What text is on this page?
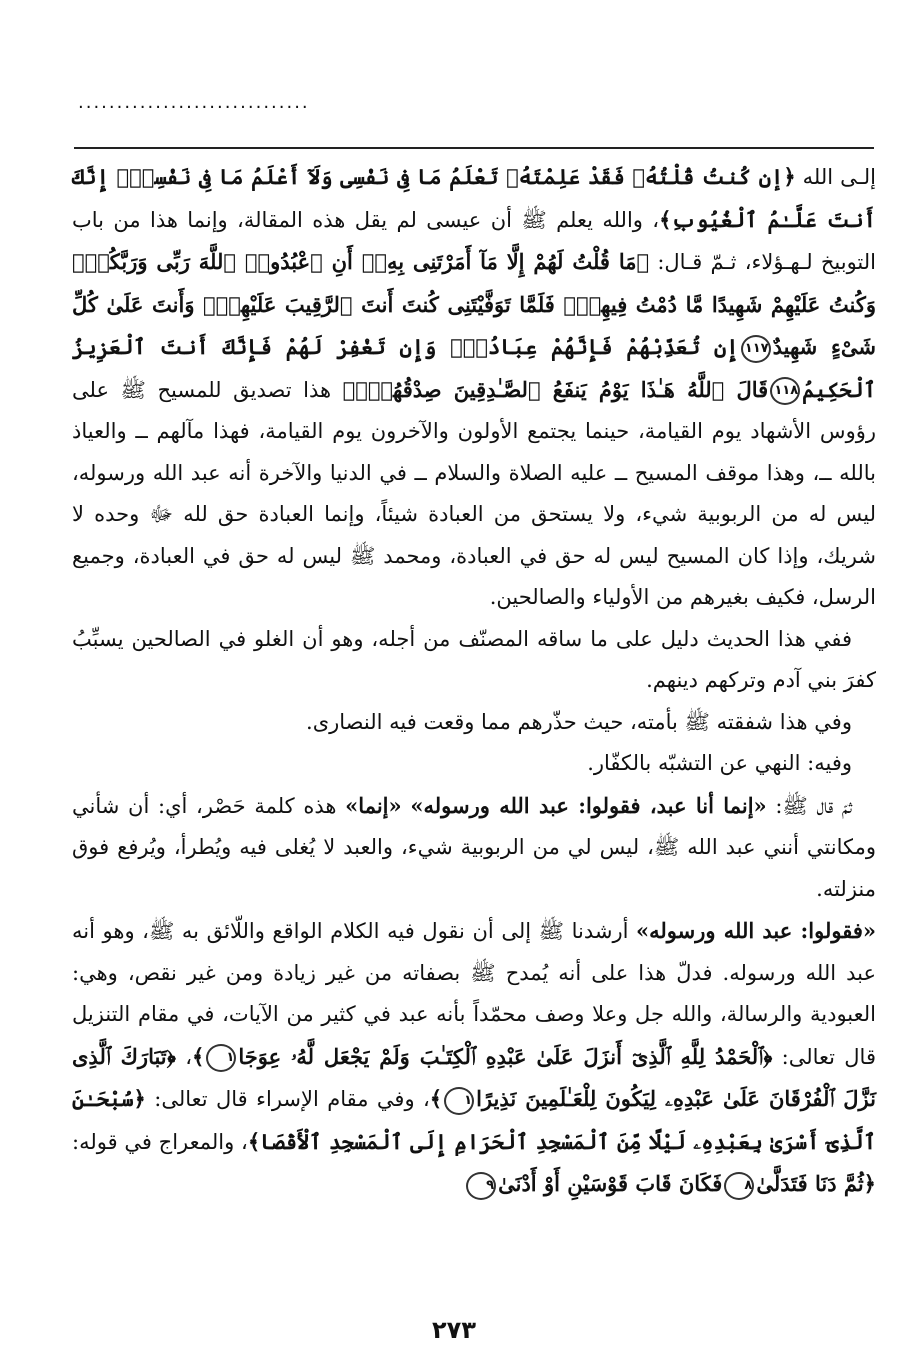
..............................

إلـى الله ﴿إن كُنتُ قُلْتُهُۥ فَقَدْ عَلِمْتَهُۥ تَعْلَمُ مَا فِى نَفْسِى وَلَآ أَعْلَمُ مَا فِى نَفْسِكَۚ إِنَّكَ أَنتَ عَلَّـٰمُ ٱلْغُيُوبِ﴾، والله يعلم ﷺ أن عيسى لم يقل هذه المقالة، وإنما هذا من باب التوبيخ لـهـؤلاء، ثـمّ قـال: ﴿مَا قُلْتُ لَهُمْ إِلَّا مَآ أَمَرْتَنِى بِهِۦٓ أَنِ ٱعْبُدُوا۟ ٱللَّهَ رَبِّى وَرَبَّكُمْۚ وَكُنتُ عَلَيْهِمْ شَهِيدًا مَّا دُمْتُ فِيهِمْۖ فَلَمَّا تَوَفَّيْتَنِى كُنتَ أَنتَ ٱلرَّقِيبَ عَلَيْهِمْۚ وَأَنتَ عَلَىٰ كُلِّ شَىْءٍ شَهِيدٌ١١٧إِن تُعَذِّبْهُمْ فَإِنَّهُمْ عِبَادُكَۖ وَإِن تَغْفِرْ لَهُمْ فَإِنَّكَ أَنتَ ٱلْعَزِيزُ ٱلْحَكِيمُ١١٨قَالَ ٱللَّهُ هَـٰذَا يَوْمُ يَنفَعُ ٱلصَّـٰدِقِينَ صِدْقُهُمْۚ﴾ هذا تصديق للمسيح ﷺ على رؤوس الأشهاد يوم القيامة، حينما يجتمع الأولون والآخرون يوم القيامة، فهذا مآلهم ــ والعياذ بالله ــ، وهذا موقف المسيح ــ عليه الصلاة والسلام ــ في الدنيا والآخرة أنه عبد الله ورسوله، ليس له من الربوبية شيء، ولا يستحق من العبادة شيئاً، وإنما العبادة حق لله ﷻ وحده لا شريك، وإذا كان المسيح ليس له حق في العبادة، ومحمد ﷺ ليس له حق في العبادة، وجميع الرسل، فكيف بغيرهم من الأولياء والصالحين.

ففي هذا الحديث دليل على ما ساقه المصنّف من أجله، وهو أن الغلو في الصالحين يسبِّبُ كفرَ بني آدم وتركهم دينهم.

وفي هذا شفقته ﷺ بأمته، حيث حذّرهم مما وقعت فيه النصارى.

وفيه: النهي عن التشبّه بالكفّار.

ثمّ قال ﷺ: «إنما أنا عبد، فقولوا: عبد الله ورسوله» «إنما» هذه كلمة حَصْر، أي: أن شأني ومكانتي أنني عبد الله ﷺ، ليس لي من الربوبية شيء، والعبد لا يُغلى فيه ويُطرأ، ويُرفع فوق منزلته.

«فقولوا: عبد الله ورسوله» أرشدنا ﷺ إلى أن نقول فيه الكلام الواقع واللّائق به ﷺ، وهو أنه عبد الله ورسوله. فدلّ هذا على أنه يُمدح ﷺ بصفاته من غير زيادة ومن غير نقص، وهي: العبودية والرسالة، والله جل وعلا وصف محمّداً بأنه عبد في كثير من الآيات، في مقام التنزيل قال تعالى: ﴿ٱلْحَمْدُ لِلَّهِ ٱلَّذِىٓ أَنزَلَ عَلَىٰ عَبْدِهِ ٱلْكِتَـٰبَ وَلَمْ يَجْعَل لَّهُۥ عِوَجَا١﴾، ﴿تَبَارَكَ ٱلَّذِى نَزَّلَ ٱلْفُرْقَانَ عَلَىٰ عَبْدِهِۦ لِيَكُونَ لِلْعَـٰلَمِينَ نَذِيرًا١﴾، وفي مقام الإسراء قال تعالى: ﴿سُبْحَـٰنَ ٱلَّذِىٓ أَسْرَىٰ بِعَبْدِهِۦ لَيْلًا مِّنَ ٱلْمَسْجِدِ ٱلْحَرَامِ إِلَى ٱلْمَسْجِدِ ٱلْأَقْصَا﴾، والمعراج في قوله: ﴿ثُمَّ دَنَا فَتَدَلَّىٰ٨فَكَانَ قَابَ قَوْسَيْنِ أَوْ أَدْنَىٰ٩

٢٧٣
